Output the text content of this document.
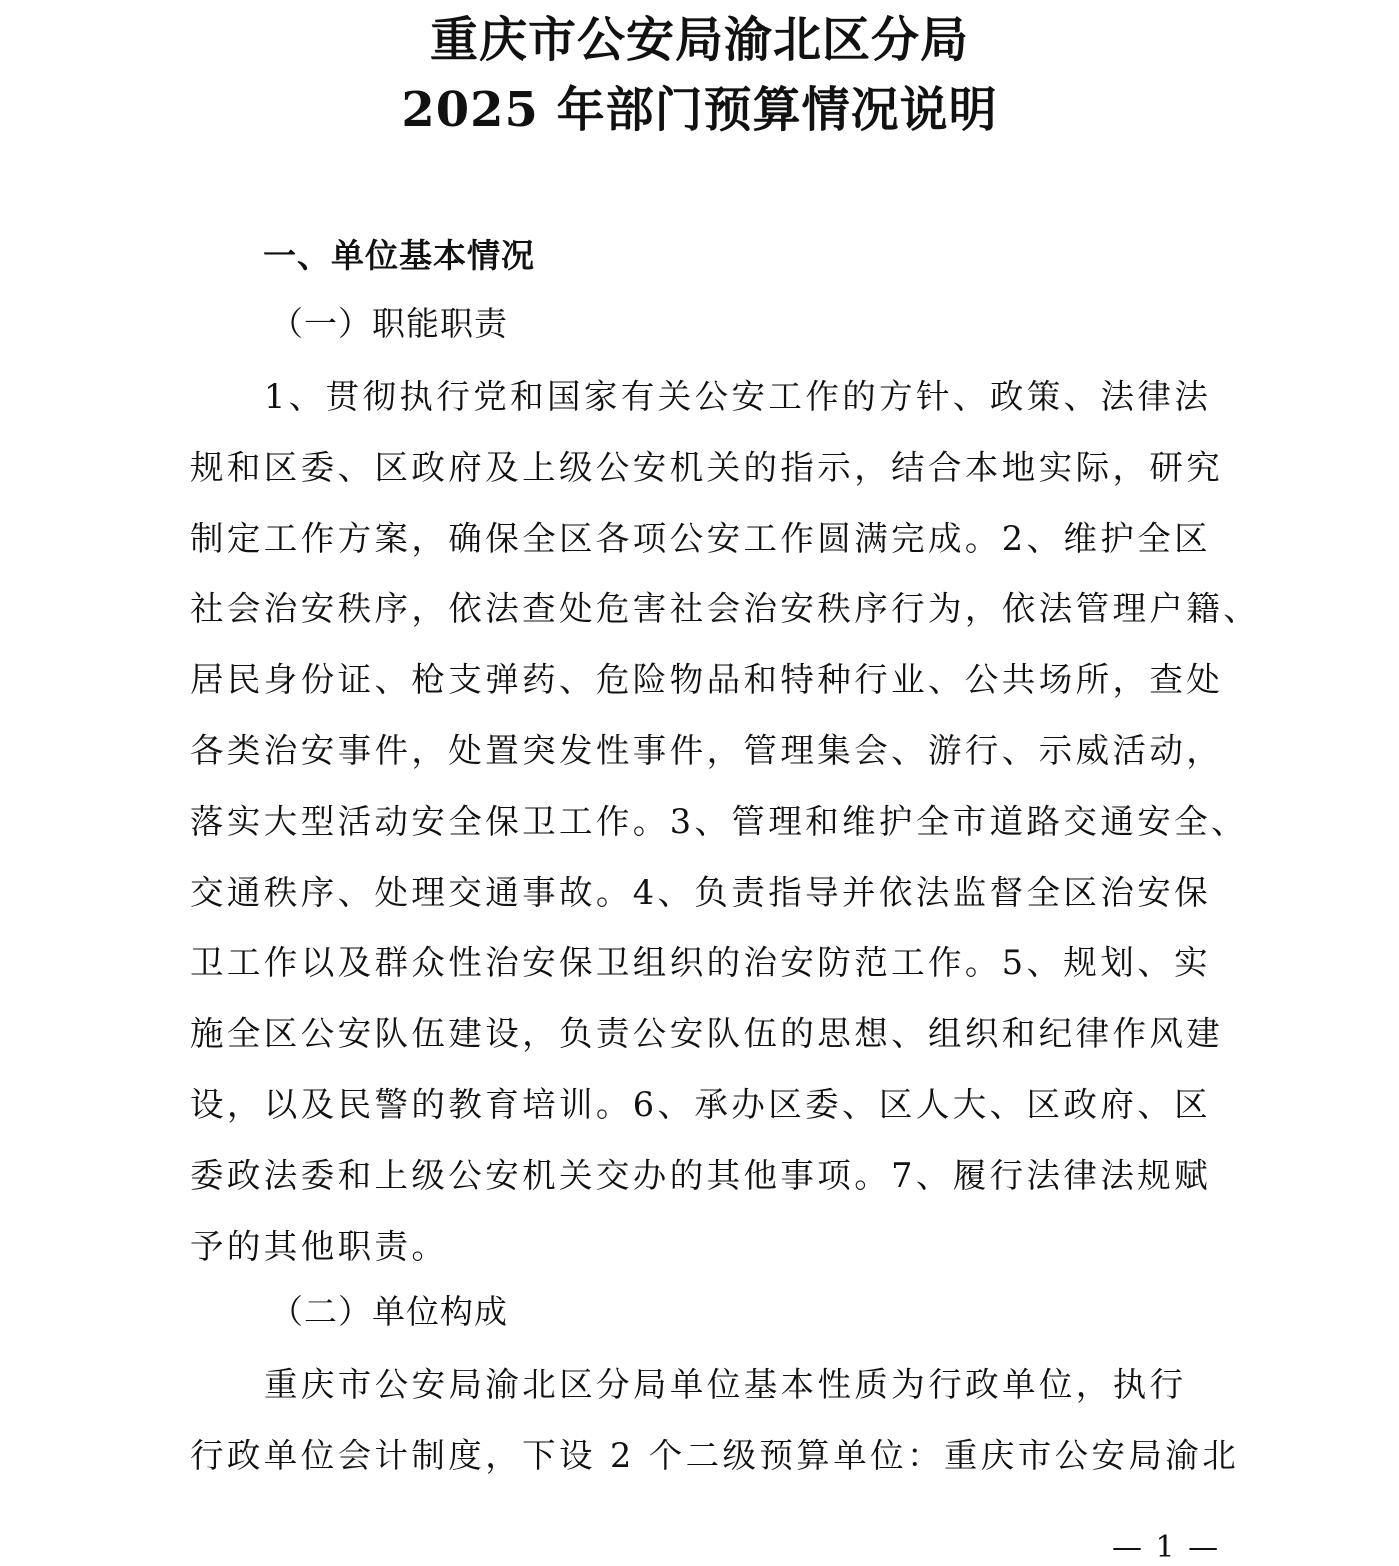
重庆市公安局渝北区分局
2025 年部门预算情况说明
一、单位基本情况
（一）职能职责
1、贯彻执行党和国家有关公安工作的方针、政策、法律法
规和区委、区政府及上级公安机关的指示，结合本地实际，研究
制定工作方案，确保全区各项公安工作圆满完成。2、维护全区
社会治安秩序，依法查处危害社会治安秩序行为，依法管理户籍、
居民身份证、枪支弹药、危险物品和特种行业、公共场所，查处
各类治安事件，处置突发性事件，管理集会、游行、示威活动，
落实大型活动安全保卫工作。3、管理和维护全市道路交通安全、
交通秩序、处理交通事故。4、负责指导并依法监督全区治安保
卫工作以及群众性治安保卫组织的治安防范工作。5、规划、实
施全区公安队伍建设，负责公安队伍的思想、组织和纪律作风建
设，以及民警的教育培训。6、承办区委、区人大、区政府、区
委政法委和上级公安机关交办的其他事项。7、履行法律法规赋
予的其他职责。
（二）单位构成
重庆市公安局渝北区分局单位基本性质为行政单位，执行
行政单位会计制度，下设 2 个二级预算单位：重庆市公安局渝北
— 1 —
